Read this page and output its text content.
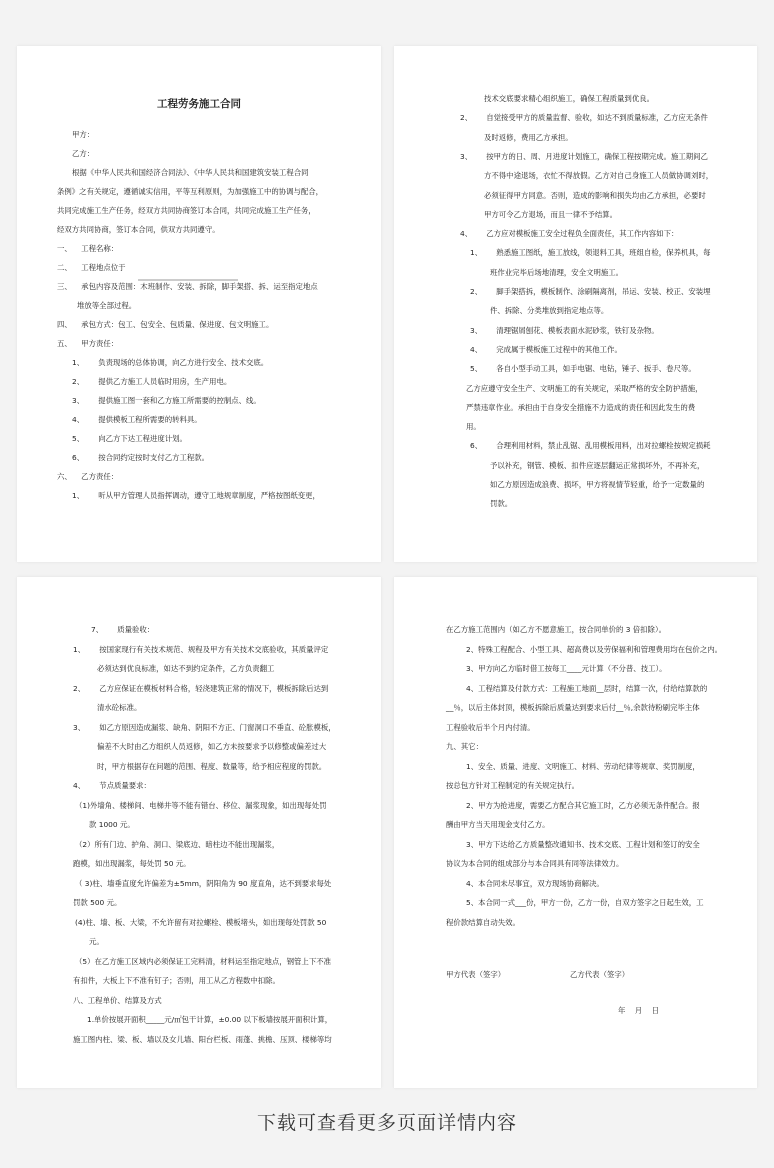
工程劳务施工合同
甲方：
乙方：
根据《中华人民共和国经济合同法》、《中华人民共和国建筑安装工程合同
条例》之有关规定，遵循诚实信用，平等互利原则，为加强施工中的协调与配合，
共同完成施工生产任务，经双方共同协商签订本合同，共同完成施工生产任务，
经双方共同协商，签订本合同，供双方共同遵守。
一、    工程名称：
二、    工程地点位于
三、    承包内容及范围：木班制作、安装、拆除，脚手架搭、拆、运至指定地点
堆放等全部过程。
四、    承包方式：包工、包安全、包质量、保进度、包文明施工。
五、    甲方责任：
1、      负责现场的总体协调，向乙方进行安全、技术交底。
2、      提供乙方施工人员临时用房，生产用电。
3、      提供施工图一套和乙方施工所需要的控制点、线。
4、      提供模板工程所需要的转料具。
5、      向乙方下达工程进度计划。
6、      按合同约定按时支付乙方工程款。
六、    乙方责任：
1、      听从甲方管理人员指挥调动，遵守工地规章制度，严格按图纸变更，
技术交底要求精心组织施工，确保工程质量到优良。
2、      自觉接受甲方的质量监督、验收，如达不到质量标准，乙方应无条件
及时返修，费用乙方承担。
3、      按甲方的日、周、月进度计划施工，确保工程按期完成。施工期间乙
方不得中途退场，衣忙不得放假。乙方对自己身施工人员做协调刘时，
必须征得甲方同意。否则，造成的影响和损失均由乙方承担，必要时
甲方可令乙方退场，而且一律不予结算。
4、      乙方应对模板施工安全过程负全面责任，其工作内容如下：
1、      熟悉施工图纸，施工放线，领退料工具，班组自检，保养机具，每
班作业完毕后场地清理，安全文明施工。
2、      脚手架搭拆，模板制作、涂刷隔离剂，吊运、安装、校正、安装埋
件、拆除、分类堆放到指定地点等。
3、      清理锯屑刨花、模板表面水泥砂浆，铁钉及杂物。
4、      完成属于模板施工过程中的其他工作。
5、      各自小型手动工具，如手电锯、电钻，锤子、扳手、卷尺等。
乙方应遵守安全生产、文明施工的有关规定，采取严格的安全防护措施，
严禁违章作业。承担由于自身安全措施不力造成的责任和因此发生的费
用。
6、      合理利用材料，禁止乱锯、乱用模板用料，出对拉螺栓按规定损耗
予以补充，钢管、模板、扣件应逐层翻运正常损坏外，不再补充，
如乙方原因造成浪费、损坏，甲方将视情节轻重，给予一定数量的
罚款。
7、      质量验收：
1、      按国家现行有关技术规范、规程及甲方有关技术交底验收，其质量评定
必须达到优良标准，如达不到约定条件，乙方负责翻工
2、      乙方应保证在模板材料合格，轻浇建筑正常的情况下，模板拆除后达到
清水砼标准。
3、      如乙方原因造成漏浆、缺角、阴阳不方正、门窗洞口不垂直、砼胀模板，
偏差不大时由乙方组织人员返修，如乙方未按要求予以修整或偏差过大
时，甲方根据存在问题的范围、程度、数量等，给予相应程度的罚款。
4、      节点质量要求：
（1)外墙角、楼梯间、电梯井等不能有错台、移位、漏浆现象，如出现每处罚
款 1000 元。
（2）所有门边、护角、洞口、梁底边、暗柱边不能出现漏浆，
跑模，如出现漏浆，每处罚 50 元。
（ 3)柱、墙垂直度允许偏差为±5mm，阴阳角为 90 度直角，达不到要求每处
罚款 500 元。
(4)柱、墙、板、大梁，不允许留有对拉螺栓、模板堵头，如出现每处罚款 50
元。
（5）在乙方施工区域内必须保证工完料清，材料运至指定地点，钢管上下不准
有扣件，大板上下不准有钉子；否则，用工从乙方程数中扣除。
八、工程单价、结算及方式
1.单价按展开面积_____元/㎡包干计算，±0.00 以下板墙按展开面积计算，
施工图内柱、梁、板、墙以及女儿墙、阳台栏板、雨蓬、挑檐、压顶、楼梯等均
甲方代表（签字）	乙方代表（签字）
年    月    日
在乙方施工范围内（如乙方不愿意施工，按合同单价的 3 倍扣除）。
2、特殊工程配合、小型工具、超高费以及劳保福利和管理费用均在包价之内。
3、甲方向乙方临时借工按每工____元计算（不分普、技工）。
4、工程结算及付款方式：工程施工地面__层时，结算一次，付给结算款的
__％，以后主体封顶，模板拆除后质量达到要求后付__％,余款待粉刷完毕主体
工程验收后半个月内付清。
九、其它：
1、安全、质量、进度、文明施工、材料、劳动纪律等规章、奖罚制度，
按总包方针对工程制定的有关规定执行。
2、甲方为抢进度，需要乙方配合其它施工时，乙方必须无条件配合。报
酬由甲方当天用现金支付乙方。
3、甲方下达给乙方质量整改通知书、技术交底、工程计划和签订的安全
协议为本合同的组成部分与本合同具有同等法律效力。
4、本合同未尽事宜，双方现场协商解决。
5、本合同一式___份，甲方一份，乙方一份，自双方签字之日起生效，工
程价款结算自动失效。
下载可查看更多页面详情内容
